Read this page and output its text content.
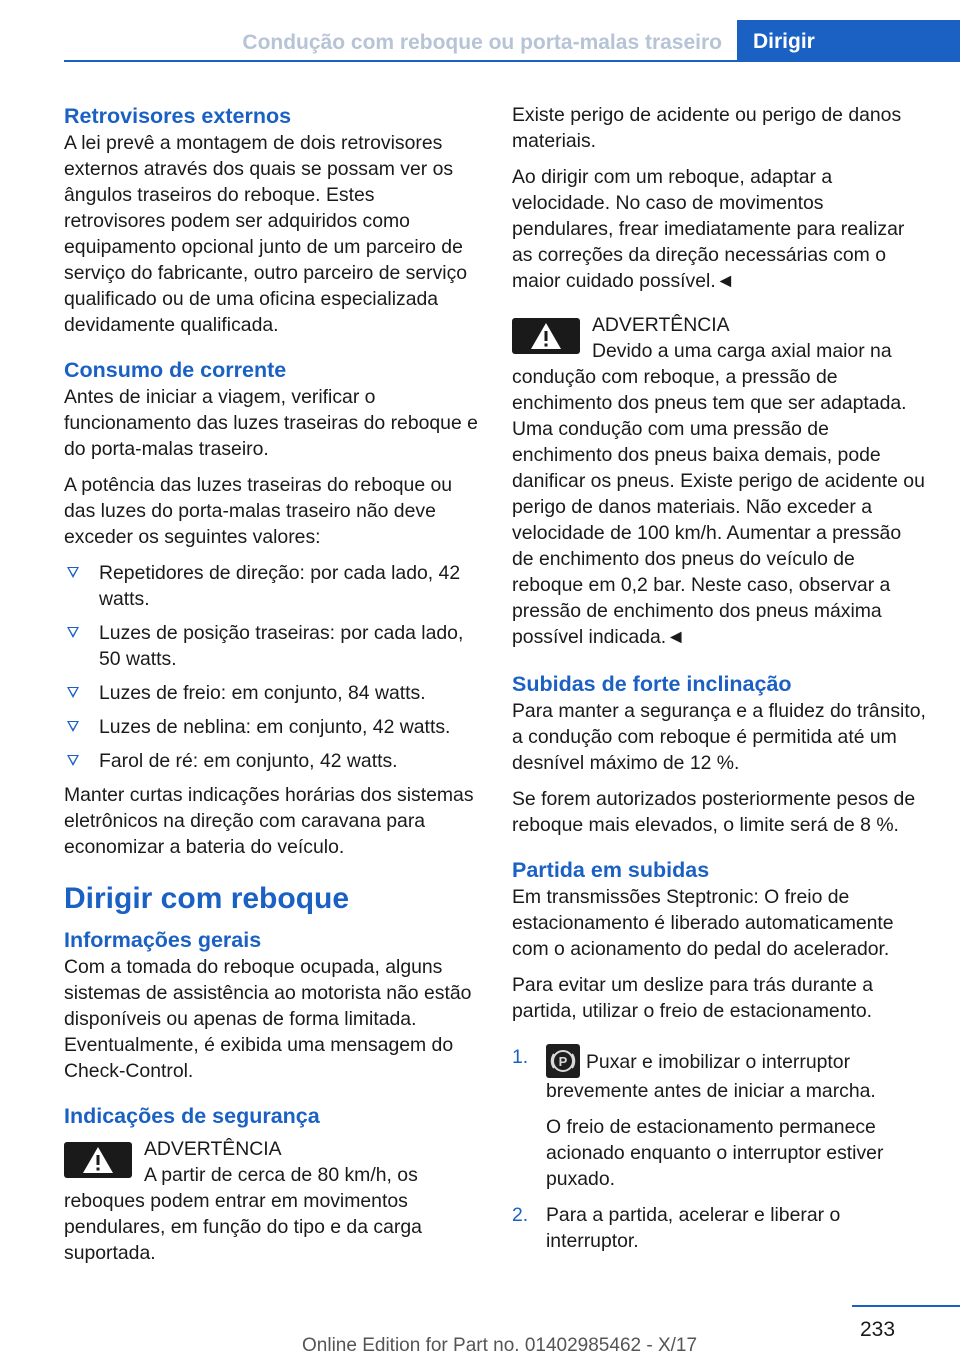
Condução com reboque ou porta-malas traseiro	Dirigir
Retrovisores externos

A lei prevê a montagem de dois retrovisores externos através dos quais se possam ver os ângulos traseiros do reboque. Estes retrovisores podem ser adquiridos como equipamento opcional junto de um parceiro de serviço do fabricante, outro parceiro de serviço qualificado ou de uma oficina especializada devidamente qualificada.

Consumo de corrente

Antes de iniciar a viagem, verificar o funcionamento das luzes traseiras do reboque e do porta-malas traseiro.

A potência das luzes traseiras do reboque ou das luzes do porta-malas traseiro não deve exceder os seguintes valores:

Repetidores de direção: por cada lado, 42 watts.
Luzes de posição traseiras: por cada lado, 50 watts.
Luzes de freio: em conjunto, 84 watts.
Luzes de neblina: em conjunto, 42 watts.
Farol de ré: em conjunto, 42 watts.

Manter curtas indicações horárias dos sistemas eletrônicos na direção com caravana para economizar a bateria do veículo.

Dirigir com reboque
Informações gerais

Com a tomada do reboque ocupada, alguns sistemas de assistência ao motorista não estão disponíveis ou apenas de forma limitada. Eventualmente, é exibida uma mensagem do Check-Control.

Indicações de segurança

ADVERTÊNCIA

A partir de cerca de 80 km/h, os reboques podem entrar em movimentos pendulares, em função do tipo e da carga suportada.

Existe perigo de acidente ou perigo de danos materiais.

Ao dirigir com um reboque, adaptar a velocidade. No caso de movimentos pendulares, frear imediatamente para realizar as correções da direção necessárias com o maior cuidado possível.◄

ADVERTÊNCIA

Devido a uma carga axial maior na condução com reboque, a pressão de enchimento dos pneus tem que ser adaptada. Uma condução com uma pressão de enchimento dos pneus baixa demais, pode danificar os pneus. Existe perigo de acidente ou perigo de danos materiais. Não exceder a velocidade de 100 km/h. Aumentar a pressão de enchimento dos pneus do veículo de reboque em 0,2 bar. Neste caso, observar a pressão de enchimento dos pneus máxima possível indicada.◄

Subidas de forte inclinação

Para manter a segurança e a fluidez do trânsito, a condução com reboque é permitida até um desnível máximo de 12 %.

Se forem autorizados posteriormente pesos de reboque mais elevados, o limite será de 8 %.

Partida em subidas

Em transmissões Steptronic: O freio de estacionamento é liberado automaticamente com o acionamento do pedal do acelerador.

Para evitar um deslize para trás durante a partida, utilizar o freio de estacionamento.

1. P Puxar e imobilizar o interruptor brevemente antes de iniciar a marcha.

O freio de estacionamento permanece acionado enquanto o interruptor estiver puxado.

2. Para a partida, acelerar e liberar o interruptor.
233
Online Edition for Part no. 01402985462 - X/17
